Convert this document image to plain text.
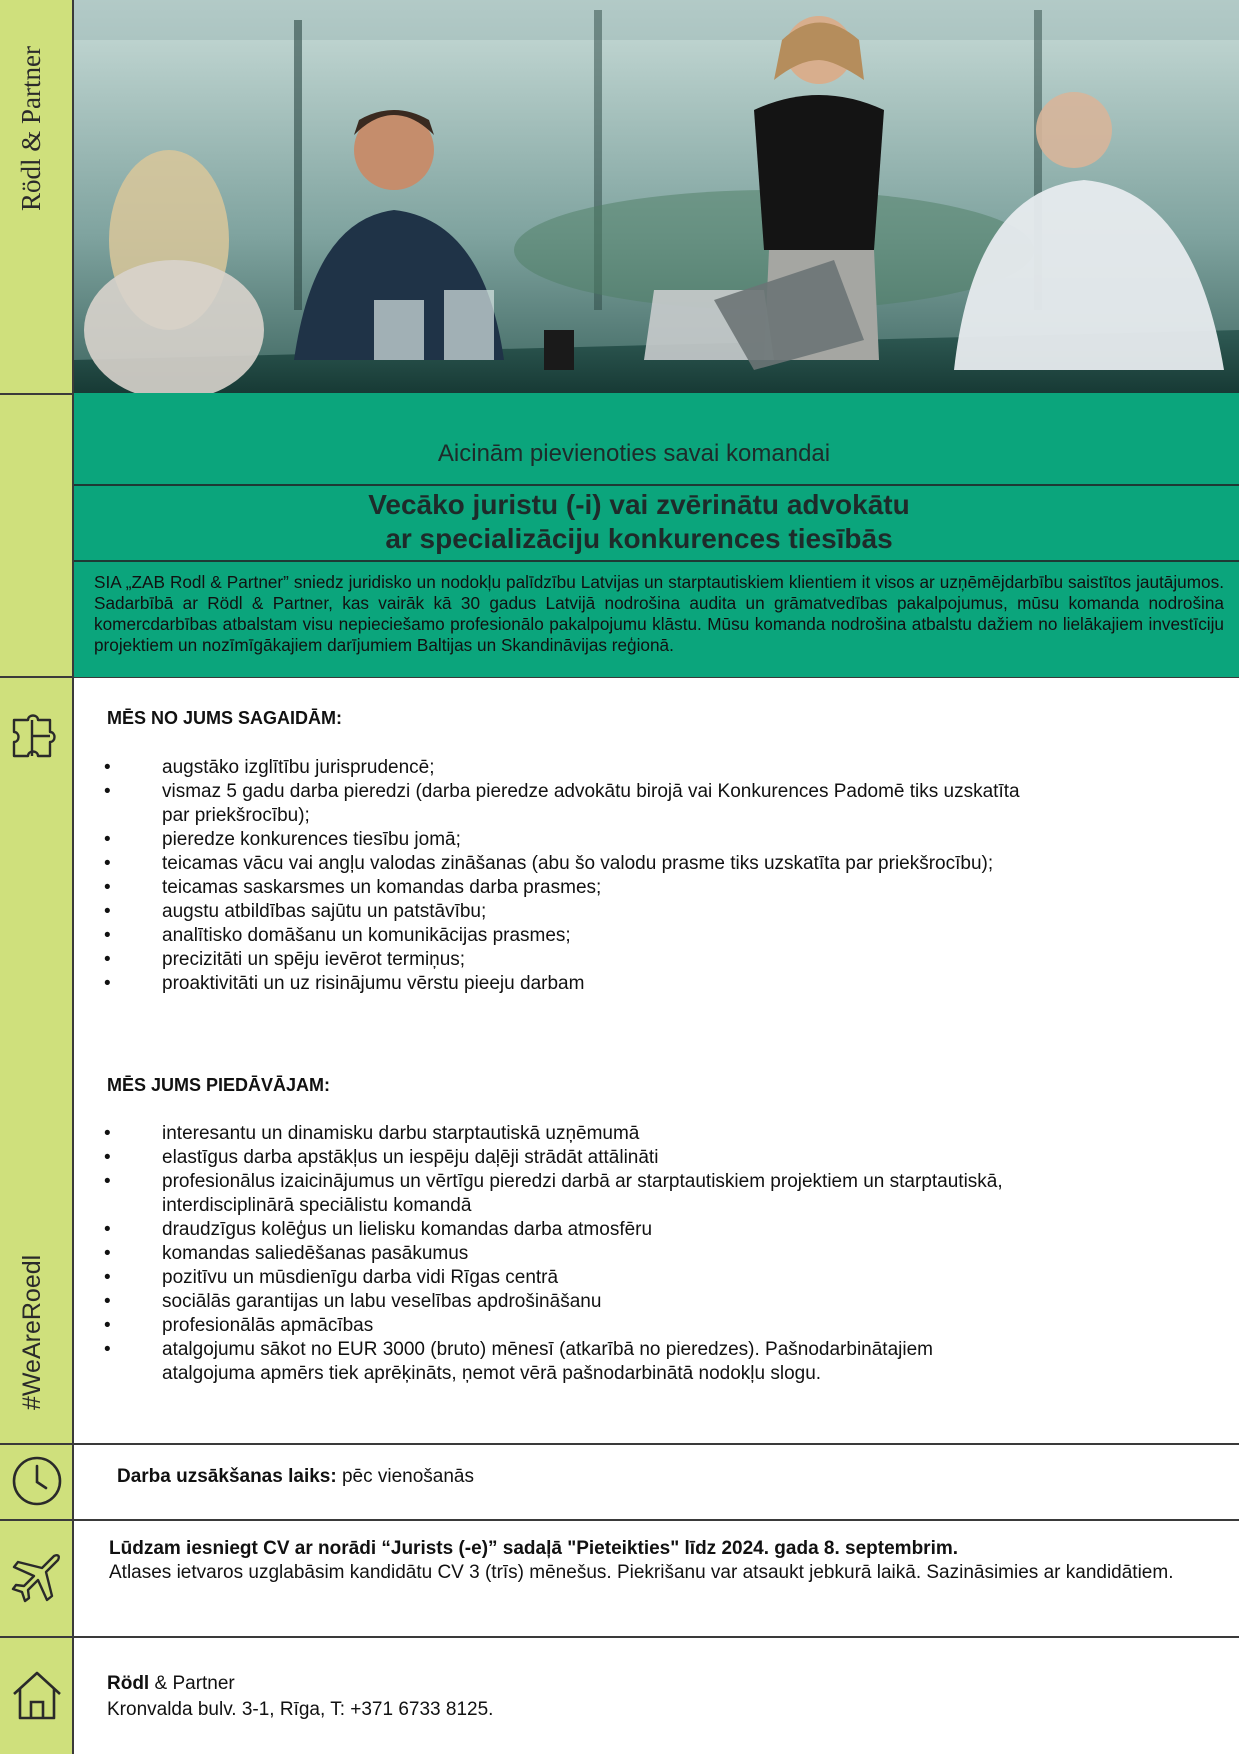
Rödl & Partner
#WeAreRoedl
Aicinām pievienoties savai komandai
Vecāko juristu (-i) vai zvērinātu advokātu
ar specializāciju konkurences tiesībās
SIA „ZAB Rodl & Partner” sniedz juridisko un nodokļu palīdzību Latvijas un starptautiskiem klientiem it visos ar uzņēmējdarbību saistītos jautājumos. Sadarbībā ar Rödl & Partner, kas vairāk kā 30 gadus Latvijā nodrošina audita un grāmatvedības pakalpojumus, mūsu komanda nodrošina komercdarbības atbalstam visu nepieciešamo profesionālo pakalpojumu klāstu. Mūsu komanda nodrošina atbalstu dažiem no lielākajiem investīciju projektiem un nozīmīgākajiem darījumiem Baltijas un Skandināvijas reģionā.
MĒS NO JUMS SAGAIDĀM:
•	augstāko izglītību jurisprudencē;
•	vismaz 5 gadu darba pieredzi (darba pieredze advokātu birojā vai Konkurences Padomē tiks uzskatīta par priekšrocību);
•	pieredze konkurences tiesību jomā;
•	teicamas vācu vai angļu valodas zināšanas (abu šo valodu prasme tiks uzskatīta par priekšrocību);
•	teicamas saskarsmes un komandas darba prasmes;
•	augstu atbildības sajūtu un patstāvību;
•	analītisko domāšanu un komunikācijas prasmes;
•	precizitāti un spēju ievērot termiņus;
•	proaktivitāti un uz risinājumu vērstu pieeju darbam
MĒS JUMS PIEDĀVĀJAM:
•	interesantu un dinamisku darbu starptautiskā uzņēmumā
•	elastīgus darba apstākļus un iespēju daļēji strādāt attālināti
•	profesionālus izaicinājumus un vērtīgu pieredzi darbā ar starptautiskiem projektiem un starptautiskā, interdisciplinārā speciālistu komandā
•	draudzīgus kolēģus un lielisku komandas darba atmosfēru
•	komandas saliedēšanas pasākumus
•	pozitīvu un mūsdienīgu darba vidi Rīgas centrā
•	sociālās garantijas un labu veselības apdrošināšanu
•	profesionālās apmācības
•	atalgojumu sākot no EUR 3000 (bruto) mēnesī (atkarībā no pieredzes). Pašnodarbinātajiem atalgojuma apmērs tiek aprēķināts, ņemot vērā pašnodarbinātā nodokļu slogu.
Darba uzsākšanas laiks: pēc vienošanās
Lūdzam iesniegt CV ar norādi “Jurists (-e)” sadaļā "Pieteikties" līdz 2024. gada 8. septembrim.
Atlases ietvaros uzglabāsim kandidātu CV 3 (trīs) mēnešus. Piekrišanu var atsaukt jebkurā laikā. Sazināsimies ar kandidātiem.
Rödl & Partner
Kronvalda bulv. 3-1, Rīga, T: +371 6733 8125.
